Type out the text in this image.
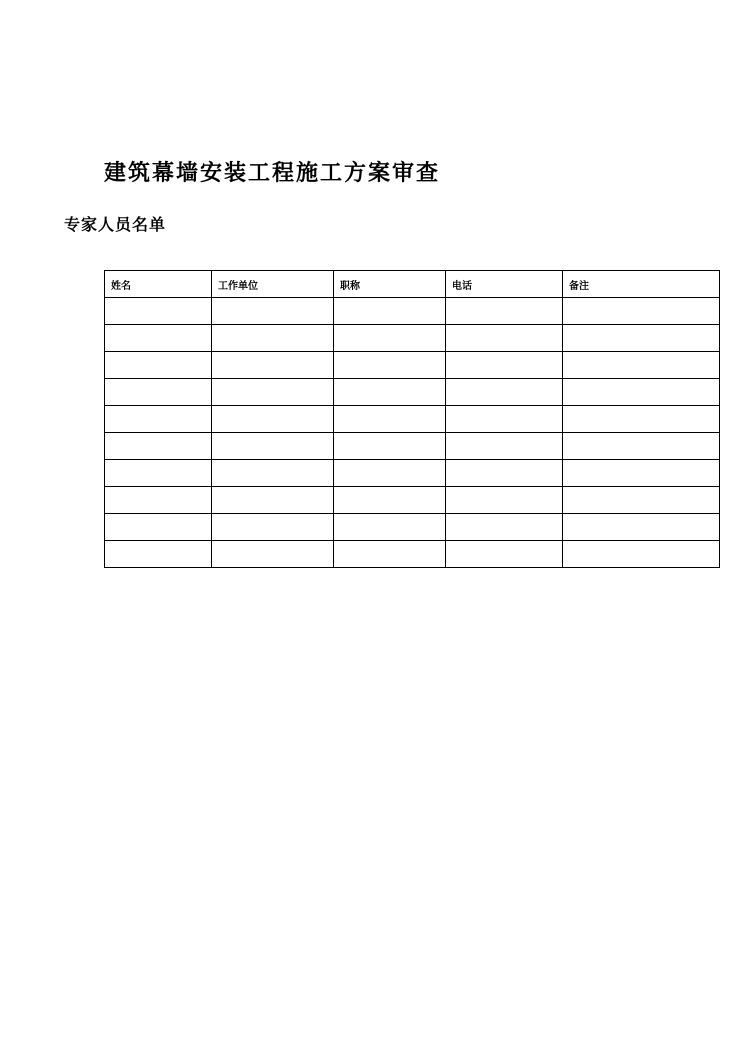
建筑幕墙安装工程施工方案审查
专家人员名单
姓名	工作单位	职称	电话	备注
